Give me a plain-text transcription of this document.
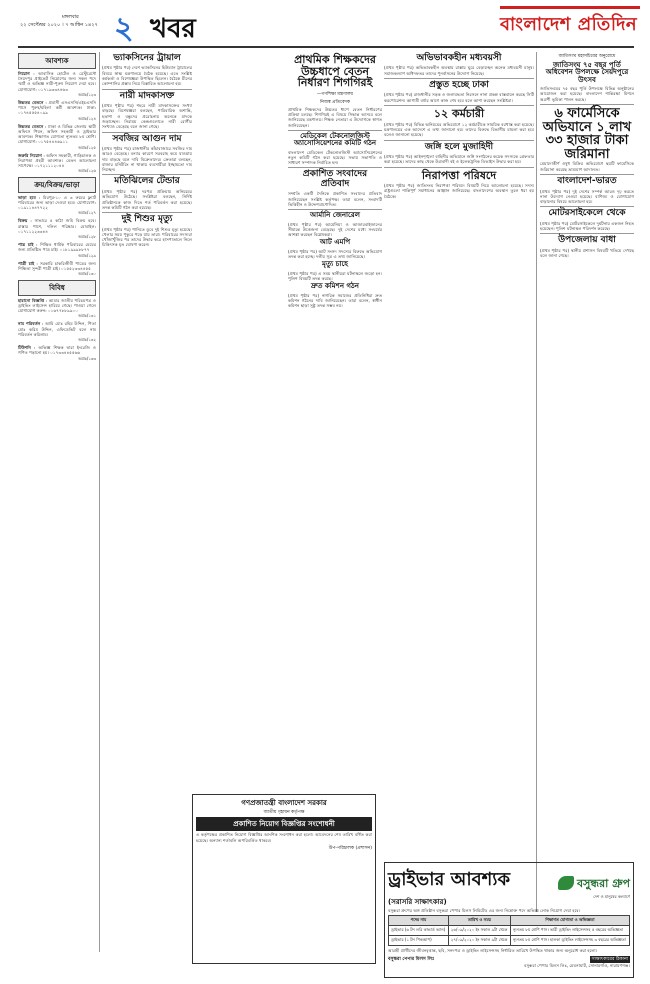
২২ সেপ্টেম্বর ২০২০ । ৭ আশ্বিন ১৪২৭
মঙ্গলবার ২ খবর	বাংলাদেশ প্রতিদিন
আবশ্যক

নিয়োগ : আবাসিক হোটেল ও রেস্টুরেন্টে সৈয়দপুর প্রাইভেট নিয়োগের জন্য সকল পদে স্মার্ট ও অভিজ্ঞ নারী-পুরুষ নিয়োগ দেয়া হবে। যোগাযোগ: ০১৭১৯৩৩৪৪৬৩
অপ্রঃ/১২৩

উচ্চতর বেতনে : প্রবাসী এসএসসি/এইচএসসি পাসে পুরুষ/মহিলা কর্মী আবশ্যক। ঢাকা: ০১৭৪৫৫৫৪০৯৯
অপ্রঃ/১২৪

উচ্চতর বেতনে : ঢাকা ও বিভিন্ন জেলায় স্থায়ী অফিসে পিয়ন, অফিস সহকারী ও ড্রাইভার আবশ্যক। শিক্ষাগত যোগ্যতা ন্যূনতম ৮ম শ্রেণি। যোগাযোগ: ০১৭৫৪৪৪৬৯১১
অপ্রঃ/১২৫

জরুরি নিয়োগ : অফিস সহকারী, গাড়িচালক ও নিরাপত্তা প্রহরী আবশ্যক। বেতন আলোচনা সাপেক্ষে। ০১৭২১১১২০৪৪
অপ্রঃ/১২৬

ক্রয়/বিক্রয়/ভাড়া

ভাড়া হবে : মিরপুর-১০ এ ৩ রুমের ফ্ল্যাট পরিবারের জন্য ভাড়া দেওয়া হবে। যোগাযোগ: ০১৯১১৪৪৭৭২২
অপ্রঃ/১২৭

বিক্রয় : সাভারে ৫ কাঠা জমি বিক্রয় হবে। রাস্তার পাশে, দলিল পরিষ্কার। মোবাইল: ০১৭১১২২৩৩৪৪
অপ্রঃ/১২৮

পাত্র চাই : শিক্ষিত ধার্মিক পরিবারের মেয়ের জন্য প্রতিষ্ঠিত পাত্র চাই। ০১৮১৯৯৯৮৮৭৭
অপ্রঃ/১২৯

পাত্রী চাই : সরকারি চাকরিজীবী পাত্রের জন্য শিক্ষিতা সুন্দরী পাত্রী চাই। ০১৫৫২৩৩৪৪৫৫
অপ্রঃ/১৩০

বিবিধ

হারানো বিজ্ঞপ্তি : আমার জাতীয় পরিচয়পত্র ও ড্রাইভিং লাইসেন্স হারিয়ে গেছে। পাওয়া গেলে যোগাযোগ করুন: ০১৬৭৭৮৮৯৯০০
অপ্রঃ/১৩১

নাম পরিবর্তন : আমি মোঃ রহিম উদ্দিন, পিতা মোঃ করিম উদ্দিন, এফিডেভিট বলে নাম পরিবর্তন করিলাম।
অপ্রঃ/১৩২

টিউশনি : অভিজ্ঞ শিক্ষক দ্বারা ইংরেজি ও গণিত পড়ানো হয়। ০১৭৩৩৪৪৫৫৬৬
অপ্রঃ/১৩৩

ভ্যাকসিনের ট্রায়াল

(প্রথম পৃষ্ঠার পর) দেশে ভ্যাকসিনের হিউম্যান ট্রায়ালের বিষয়ে স্বাস্থ্য মন্ত্রণালয়ে বৈঠক হয়েছে। এতে সংশ্লিষ্ট কর্মকর্তা ও বিশেষজ্ঞরা উপস্থিত ছিলেন। বৈঠকে চীনের কোম্পানির প্রস্তাব নিয়ে বিস্তারিত আলোচনা হয়।

নারী মাদকাসক্ত

(প্রথম পৃষ্ঠার পর) শহরে নারী মাদকাসক্তের সংখ্যা বাড়ছে। বিশেষজ্ঞরা বলছেন, পারিবারিক অশান্তি, হতাশা ও বন্ধুদের প্ররোচনায় অনেকে মাদকে জড়াচ্ছেন। নিরাময় কেন্দ্রগুলোতে নারী রোগীর সংখ্যাও বেড়েছে বলে জানা গেছে।

সবজির আগুন দাম

(প্রথম পৃষ্ঠার পর) রাজধানীর কাঁচাবাজারে সবজির দাম আরও বেড়েছে। বন্যার কারণে সরবরাহ কমে যাওয়ায় দাম বাড়ছে বলে দাবি বিক্রেতাদের। ক্রেতারা বলছেন, বাজার মনিটরিং না থাকায় ব্যবসায়ীরা ইচ্ছামতো দাম নিচ্ছেন।

মতিঝিলের টেন্ডার

(প্রথম পৃষ্ঠার পর) দরপত্র প্রক্রিয়ায় অনিয়মের অভিযোগ উঠেছে। সংশ্লিষ্টরা বলছেন, নির্দিষ্ট প্রতিষ্ঠানকে কাজ দিতে শর্ত পরিবর্তন করা হয়েছে। তদন্ত কমিটি গঠন করা হয়েছে।

দুই শিশুর মৃত্যু

(প্রথম পৃষ্ঠার পর) পানিতে ডুবে দুই শিশুর মৃত্যু হয়েছে। খেলার সময় পুকুরে পড়ে যায় তারা। পরিবারের সদস্যরা খোঁজাখুঁজির পর তাদের উদ্ধার করে হাসপাতালে নিলে চিকিৎসক মৃত ঘোষণা করেন।

প্রাথমিক শিক্ষকদের উচ্চধাপে বেতন নির্ধারণ শিগগিরই
—গণশিক্ষা মন্ত্রণালয়
নিজস্ব প্রতিবেদক

প্রাথমিক শিক্ষকদের উচ্চতর ধাপে বেতন নির্ধারণের প্রক্রিয়া চলছে। শিগগিরই এ বিষয়ে সিদ্ধান্ত আসবে বলে জানিয়েছে মন্ত্রণালয়। শিক্ষক নেতারা এ উদ্যোগকে স্বাগত জানিয়েছেন।

মেডিকেল টেকনোলজিস্ট অ্যাসোসিয়েশনের কমিটি গঠন

বাংলাদেশ মেডিকেল টেকনোলজিস্ট অ্যাসোসিয়েশনের নতুন কমিটি গঠন করা হয়েছে। সভায় সভাপতি ও সাধারণ সম্পাদক নির্বাচিত হন।

প্রকাশিত সংবাদের প্রতিবাদ

সম্প্রতি একটি দৈনিকে প্রকাশিত সংবাদের প্রতিবাদ জানিয়েছেন সংশ্লিষ্ট কর্তৃপক্ষ। তারা বলেন, সংবাদটি ভিত্তিহীন ও উদ্দেশ্যপ্রণোদিত।

আর্মানি জেনারেল

(প্রথম পৃষ্ঠার পর) আর্মেনিয়া ও আজারবাইজানের সীমান্তে উত্তেজনা বেড়েছে। দুই দেশের মধ্যে সংঘর্ষের আশঙ্কা করছেন বিশ্লেষকরা।

আট এমপি

(প্রথম পৃষ্ঠার পর) আট সংসদ সদস্যের বিরুদ্ধে অভিযোগ তদন্ত করা হচ্ছে। দলীয় সূত্র এ তথ্য জানিয়েছে।

মৃত্যু চাহে

(প্রথম পৃষ্ঠার পর) এ সময় স্থানীয়রা ঘটনাস্থলে জড়ো হন। পুলিশ বিষয়টি তদন্ত করছে।

দ্রুত কমিশন গঠন

(প্রথম পৃষ্ঠার পর) নাগরিক সমাজের প্রতিনিধিরা দ্রুত কমিশন গঠনের দাবি জানিয়েছেন। তারা বলেন, স্বাধীন কমিশন ছাড়া সুষ্ঠু তদন্ত সম্ভব নয়।

অভিভাবকহীন মধ্যবয়সী

(প্রথম পৃষ্ঠার পর) অভিভাবকহীন অবস্থায় রাস্তায় ঘুরে বেড়াচ্ছেন অনেক মধ্যবয়সী মানুষ। সমাজকল্যাণ অধিদফতর তাদের পুনর্বাসনের উদ্যোগ নিয়েছে।

প্রস্তুত হচ্ছে ঢাকা

(প্রথম পৃষ্ঠার পর) রাজধানীর সড়ক ও জলাবদ্ধতা নিরসনে নানা প্রকল্প বাস্তবায়ন করছে সিটি করপোরেশন। আগামী বর্ষার আগে কাজ শেষ হবে বলে আশা করছেন সংশ্লিষ্টরা।

১২ কর্মচারী

(প্রথম পৃষ্ঠার পর) বিভিন্ন অনিয়মের অভিযোগে ১২ কর্মচারীকে সাময়িক বরখাস্ত করা হয়েছে। মন্ত্রণালয়ের এক আদেশে এ তথ্য জানানো হয়। তাদের বিরুদ্ধে বিভাগীয় মামলা করা হবে বলেও জানানো হয়েছে।

জঙ্গি হলে মুজাহিদী

(প্রথম পৃষ্ঠার পর) আইনশৃঙ্খলা বাহিনীর অভিযানে জঙ্গি সংগঠনের কয়েক সদস্যকে গ্রেফতার করা হয়েছে। তাদের কাছ থেকে উগ্রবাদী বই ও ইলেকট্রনিক ডিভাইস উদ্ধার করা হয়।

নিরাপত্তা পরিষদে

(প্রথম পৃষ্ঠার পর) জাতিসংঘ নিরাপত্তা পরিষদে বিষয়টি নিয়ে আলোচনা হয়েছে। সদস্য রাষ্ট্রগুলো শান্তিপূর্ণ সমাধানের আহ্বান জানিয়েছে। বাংলাদেশের অবস্থান তুলে ধরা হয় বৈঠকে।

জাতিসংঘ মহাসচিবের অনুরোধে
জাতিসংঘ ৭৫ বছর পূর্তি অধিবেশন উপলক্ষে সৈয়দপুরে উৎসব

জাতিসংঘের ৭৫ বছর পূর্তি উপলক্ষে বিভিন্ন অনুষ্ঠানের আয়োজন করা হয়েছে। বাংলাদেশ শান্তিরক্ষা মিশনে অগ্রণী ভূমিকা পালন করছে।

৬ ফার্মেসিকে অভিযানে ১ লাখ ৩৩ হাজার টাকা জরিমানা

মেয়াদোত্তীর্ণ ওষুধ বিক্রির অভিযোগে ছয়টি ফার্মেসিকে জরিমানা করেছে ভ্রাম্যমাণ আদালত।

বাংলাদেশ-ভারত

(প্রথম পৃষ্ঠার পর) দুই দেশের সম্পর্ক আরও দৃঢ় করতে নানা উদ্যোগ নেওয়া হয়েছে। বাণিজ্য ও যোগাযোগ বাড়ানোর বিষয়ে আলোচনা হয়।

মোটরসাইকেলে থেকে

(প্রথম পৃষ্ঠার পর) মোটরসাইকেলে দুর্ঘটনায় একজন নিহত হয়েছেন। পুলিশ ঘটনাস্থল পরিদর্শন করেছে।

উপজেলায় বাধা

(প্রথম পৃষ্ঠার পর) স্থানীয় প্রশাসন বিষয়টি খতিয়ে দেখছে বলে জানা গেছে।

গণপ্রজাতন্ত্রী বাংলাদেশ সরকার
জাতীয় গৃহায়ন কর্তৃপক্ষ
প্রকাশিত নিয়োগ বিজ্ঞপ্তির সংশোধনী

এ কর্তৃপক্ষের প্রকাশিত নিয়োগ বিজ্ঞপ্তির আংশিক সংশোধন করা হলো। আবেদনের শেষ তারিখ বর্ধিত করা হয়েছে। অন্যান্য শর্তাবলি অপরিবর্তিত থাকবে।

উপ-পরিচালক (প্রশাসন)
ড্রাইভার আবশ্যক
(সরাসরি সাক্ষাৎকার)
বসুন্ধরা গ্রুপ
দেশ ও মানুষের কল্যাণে

বসুন্ধরা গ্রুপের অঙ্গ প্রতিষ্ঠান বসুন্ধরা পেপার মিলস লিমিটেড এর জন্য নিম্নোক্ত পদে অভিজ্ঞ লোক নিয়োগ দেয়া হবে।

পদের নাম	তারিখ ও সময়	শিক্ষাগত যোগ্যতা ও অভিজ্ঞতা
ড্রাইভার (৬ টন লরি কাভার্ড ভ্যান)	২৬/০৯/২০২০ ইং সকাল ৯টা থেকে	ন্যূনতম ৮ম শ্রেণি পাস। ভারী ড্রাইভিং লাইসেন্সসহ ৫ বছরের অভিজ্ঞতা
ড্রাইভার (১ টন পিকআপ)	২৭/০৯/২০২০ ইং সকাল ৯টা থেকে	ন্যূনতম ৮ম শ্রেণি পাস। হালকা ড্রাইভিং লাইসেন্সসহ ৩ বছরের অভিজ্ঞতা

আগ্রহী প্রার্থীদের জীবনবৃত্তান্ত, ছবি, সনদপত্র ও ড্রাইভিং লাইসেন্সসহ নির্ধারিত তারিখে উপস্থিত থাকার জন্য অনুরোধ করা হলো।

বসুন্ধরা পেপার মিলস লিঃ	সাক্ষাৎকারের ঠিকানা
বসুন্ধরা পেপার মিলস লিঃ, মেঘনাঘাট, সোনারগাঁও, নারায়ণগঞ্জ।
